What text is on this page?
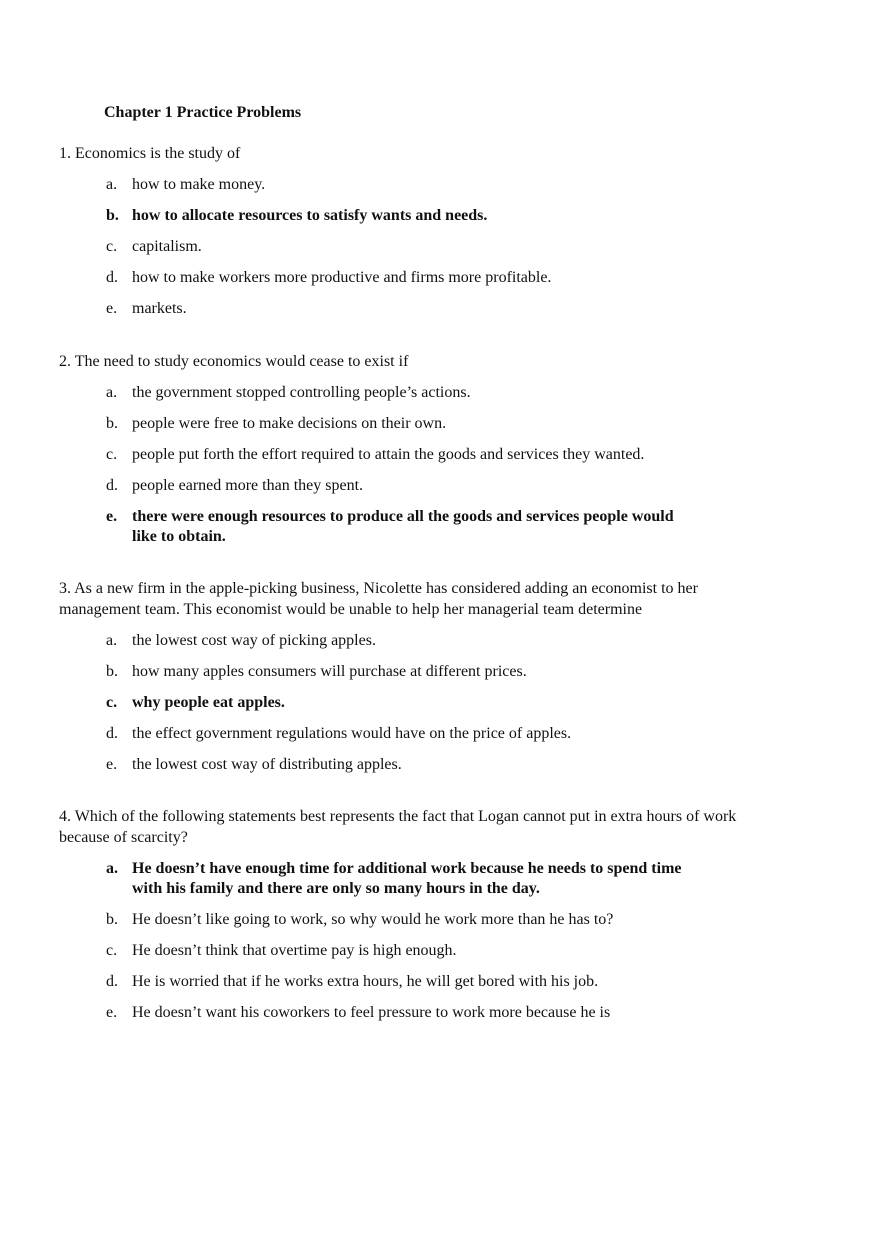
Chapter 1 Practice Problems

1. Economics is the study of

a. how to make money.
b. how to allocate resources to satisfy wants and needs.
c. capitalism.
d. how to make workers more productive and firms more profitable.
e. markets.

2. The need to study economics would cease to exist if

a. the government stopped controlling people’s actions.
b. people were free to make decisions on their own.
c. people put forth the effort required to attain the goods and services they wanted.
d. people earned more than they spent.
e. there were enough resources to produce all the goods and services people would like to obtain.

3. As a new firm in the apple-picking business, Nicolette has considered adding an economist to her management team. This economist would be unable to help her managerial team determine

a. the lowest cost way of picking apples.
b. how many apples consumers will purchase at different prices.
c. why people eat apples.
d. the effect government regulations would have on the price of apples.
e. the lowest cost way of distributing apples.

4. Which of the following statements best represents the fact that Logan cannot put in extra hours of work because of scarcity?

a. He doesn’t have enough time for additional work because he needs to spend time with his family and there are only so many hours in the day.
b. He doesn’t like going to work, so why would he work more than he has to?
c. He doesn’t think that overtime pay is high enough.
d. He is worried that if he works extra hours, he will get bored with his job.
e. He doesn’t want his coworkers to feel pressure to work more because he is
